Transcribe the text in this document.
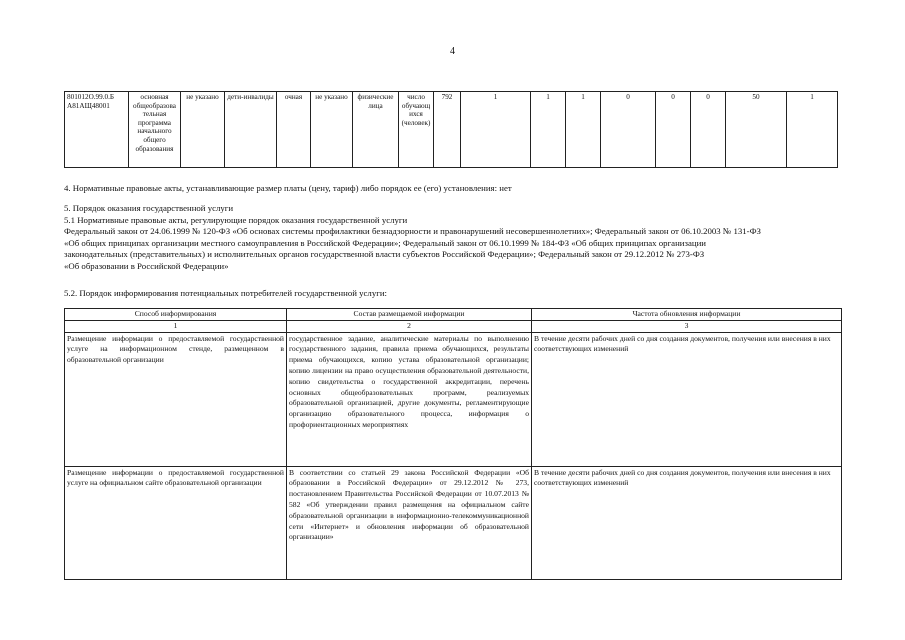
4
801012О.99.0.Б А81АЩ48001	основная общеобразова тельная программа начального общего образования	не указано	дети-инвалиды	очная	не указано	физические лица	число обучающ ихся (человек)	792	1	1	1	0	0	0	50	1
4. Нормативные правовые акты, устанавливающие размер платы (цену, тариф) либо порядок ее (его) установления: нет
5. Порядок оказания государственной услуги
5.1 Нормативные правовые акты, регулирующие порядок оказания государственной услуги
Федеральный закон от 24.06.1999 № 120-ФЗ «Об основах системы профилактики безнадзорности и правонарушений несовершеннолетних»; Федеральный закон от 06.10.2003 № 131-ФЗ
«Об общих принципах организации местного самоуправления в Российской Федерации»; Федеральный закон от 06.10.1999 № 184-ФЗ «Об общих принципах организации
законодательных (представительных) и исполнительных органов государственной власти субъектов Российской Федерации»; Федеральный закон от 29.12.2012 № 273-ФЗ
«Об образовании в Российской Федерации»
5.2. Порядок информирования потенциальных потребителей государственной услуги:
Способ информирования	Состав размещаемой информации	Частота обновления информации
1	2	3
Размещение информации о предоставляемой государственной услуге на информационном стенде, размещенном в образовательной организации	государственное задание, аналитические материалы по выполнению государственного задания, правила приема обучающихся, результаты приема обучающихся, копию устава образовательной организации; копию лицензии на право осуществления образовательной деятельности, копию свидетельства о государственной аккредитации, перечень основных общеобразовательных программ, реализуемых образовательной организацией, другие документы, регламентирующие организацию образовательного процесса, информация о профориентационных мероприятиях	В течение десяти рабочих дней со дня создания документов, получения или внесения в них соответствующих изменений
Размещение информации о предоставляемой государственной услуге на официальном сайте образовательной организации	В соответствии со статьей 29 закона Российской Федерации «Об образовании в Российской Федерации» от 29.12.2012 № 273, постановлением Правительства Российской Федерации от 10.07.2013 № 582 «Об утверждении правил размещения на официальном сайте образовательной организации в информационно-телекоммуникационной сети «Интернет» и обновления информации об образовательной организации»	В течение десяти рабочих дней со дня создания документов, получения или внесения в них соответствующих изменений
